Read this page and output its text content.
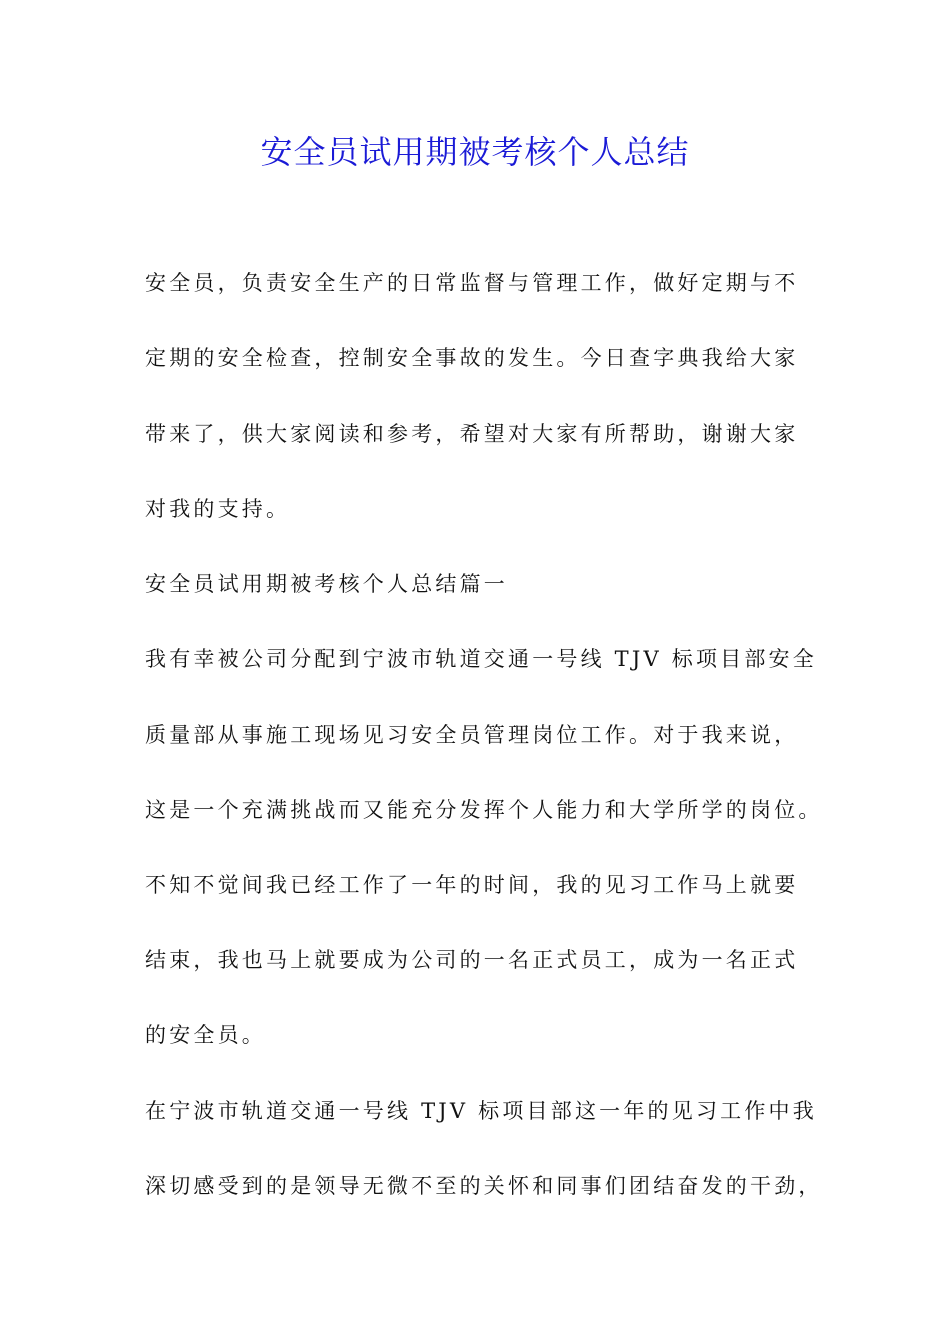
安全员试用期被考核个人总结
安全员，负责安全生产的日常监督与管理工作，做好定期与不
定期的安全检查，控制安全事故的发生。今日查字典我给大家
带来了，供大家阅读和参考，希望对大家有所帮助，谢谢大家
对我的支持。
安全员试用期被考核个人总结篇一
我有幸被公司分配到宁波市轨道交通一号线 TJV 标项目部安全
质量部从事施工现场见习安全员管理岗位工作。对于我来说，
这是一个充满挑战而又能充分发挥个人能力和大学所学的岗位。
不知不觉间我已经工作了一年的时间，我的见习工作马上就要
结束，我也马上就要成为公司的一名正式员工，成为一名正式
的安全员。
在宁波市轨道交通一号线 TJV 标项目部这一年的见习工作中我
深切感受到的是领导无微不至的关怀和同事们团结奋发的干劲，
